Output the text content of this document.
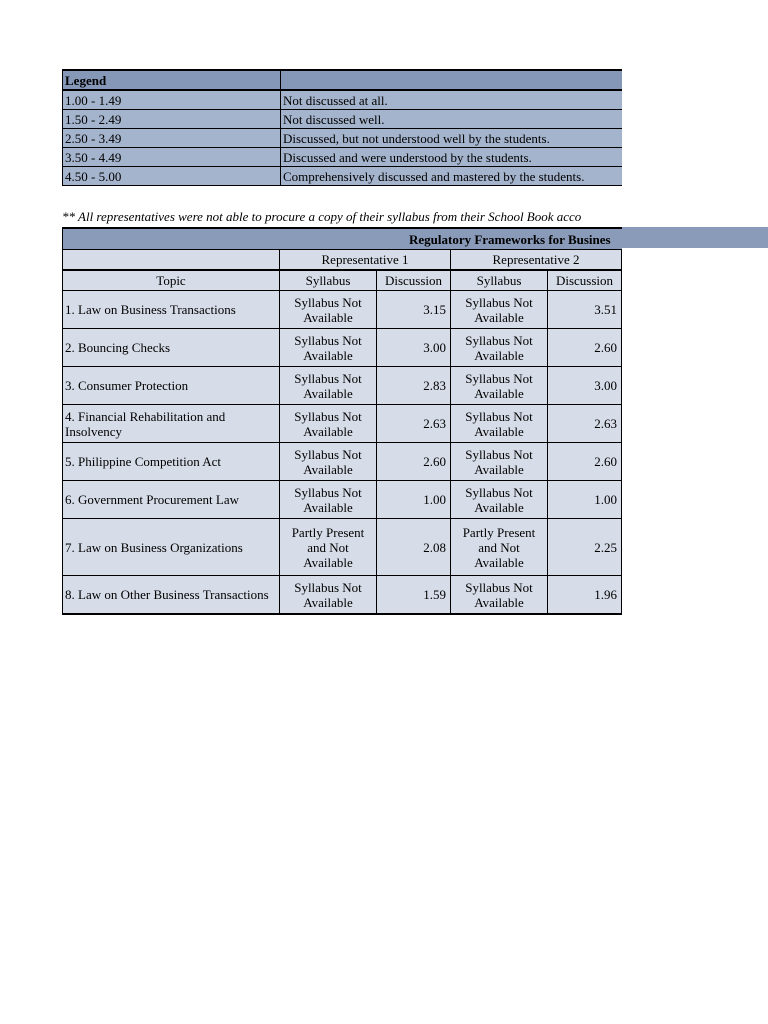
Legend	
1.00 - 1.49	Not discussed at all.
1.50 - 2.49	Not discussed well.
2.50 - 3.49	Discussed, but not understood well by the students.
3.50 - 4.49	Discussed and were understood by the students.
4.50 - 5.00	Comprehensively discussed and mastered by the students.
** All representatives were not able to procure a copy of their syllabus from their School Book acco
Regulatory Frameworks for Busines					
	Representative 1		Representative 2		
Topic	Syllabus	Discussion	Syllabus	Discussion	
1. Law on Business Transactions	Syllabus Not Available	3.15	Syllabus Not Available	3.51	
2. Bouncing Checks	Syllabus Not Available	3.00	Syllabus Not Available	2.60	
3. Consumer Protection	Syllabus Not Available	2.83	Syllabus Not Available	3.00	
4. Financial Rehabilitation and Insolvency	Syllabus Not Available	2.63	Syllabus Not Available	2.63	
5. Philippine Competition Act	Syllabus Not Available	2.60	Syllabus Not Available	2.60	
6. Government Procurement Law	Syllabus Not Available	1.00	Syllabus Not Available	1.00	
7. Law on Business Organizations	Partly Present and Not Available	2.08	Partly Present and Not Available	2.25	
8. Law on Other Business Transactions	Syllabus Not Available	1.59	Syllabus Not Available	1.96	
